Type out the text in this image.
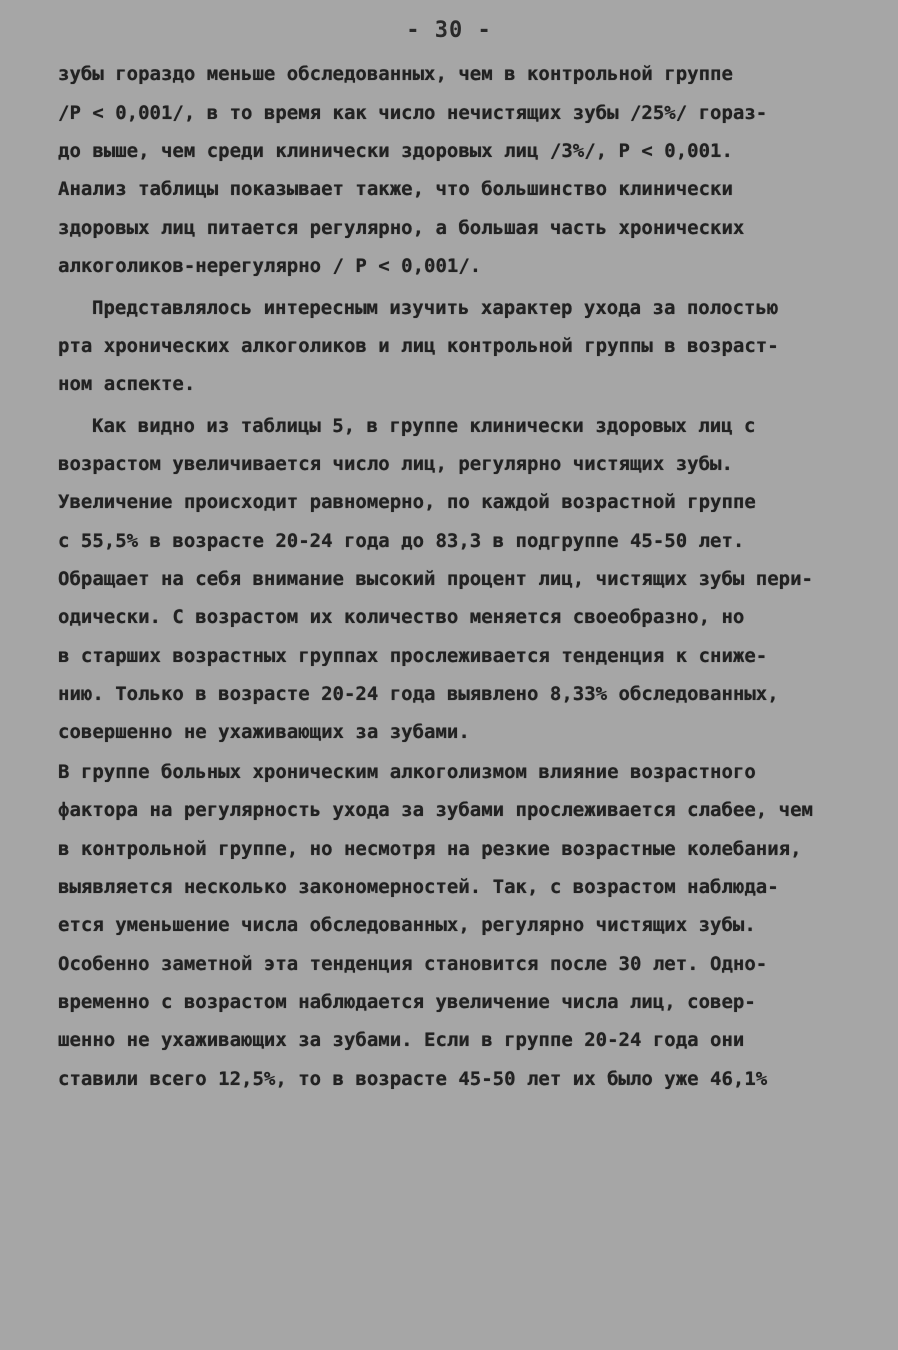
- 30 -
зубы гораздо меньше обследованных, чем в контрольной группе
/P < 0,001/, в то время как число нечистящих зубы /25%/ гораз-
до выше, чем среди клинически здоровых лиц /3%/, P < 0,001.
Анализ таблицы показывает также, что большинство клинически
здоровых лиц питается регулярно, а большая часть хронических
алкоголиков-нерегулярно / P < 0,001/.
Представлялось интересным изучить характер ухода за полостью
рта хронических алкоголиков и лиц контрольной группы в возраст-
ном аспекте.
Как видно из таблицы 5, в группе клинически здоровых лиц с
возрастом увеличивается число лиц, регулярно чистящих зубы.
Увеличение происходит равномерно, по каждой возрастной группе
с 55,5% в возрасте 20-24 года до 83,3 в подгруппе 45-50 лет.
Обращает на себя внимание высокий процент лиц, чистящих зубы пери-
одически. С возрастом их количество меняется своеобразно, но
в старших возрастных группах прослеживается тенденция к сниже-
нию. Только в возрасте 20-24 года выявлено 8,33% обследованных,
совершенно не ухаживающих за зубами.
В группе больных хроническим алкоголизмом влияние возрастного
фактора на регулярность ухода за зубами прослеживается слабее, чем
в контрольной группе, но несмотря на резкие возрастные колебания,
выявляется несколько закономерностей. Так, с возрастом наблюда-
ется уменьшение числа обследованных, регулярно чистящих зубы.
Особенно заметной эта тенденция становится после 30 лет. Одно-
временно с возрастом наблюдается увеличение числа лиц, совер-
шенно не ухаживающих за зубами. Если в группе 20-24 года они
ставили всего 12,5%, то в возрасте 45-50 лет их было уже 46,1%
